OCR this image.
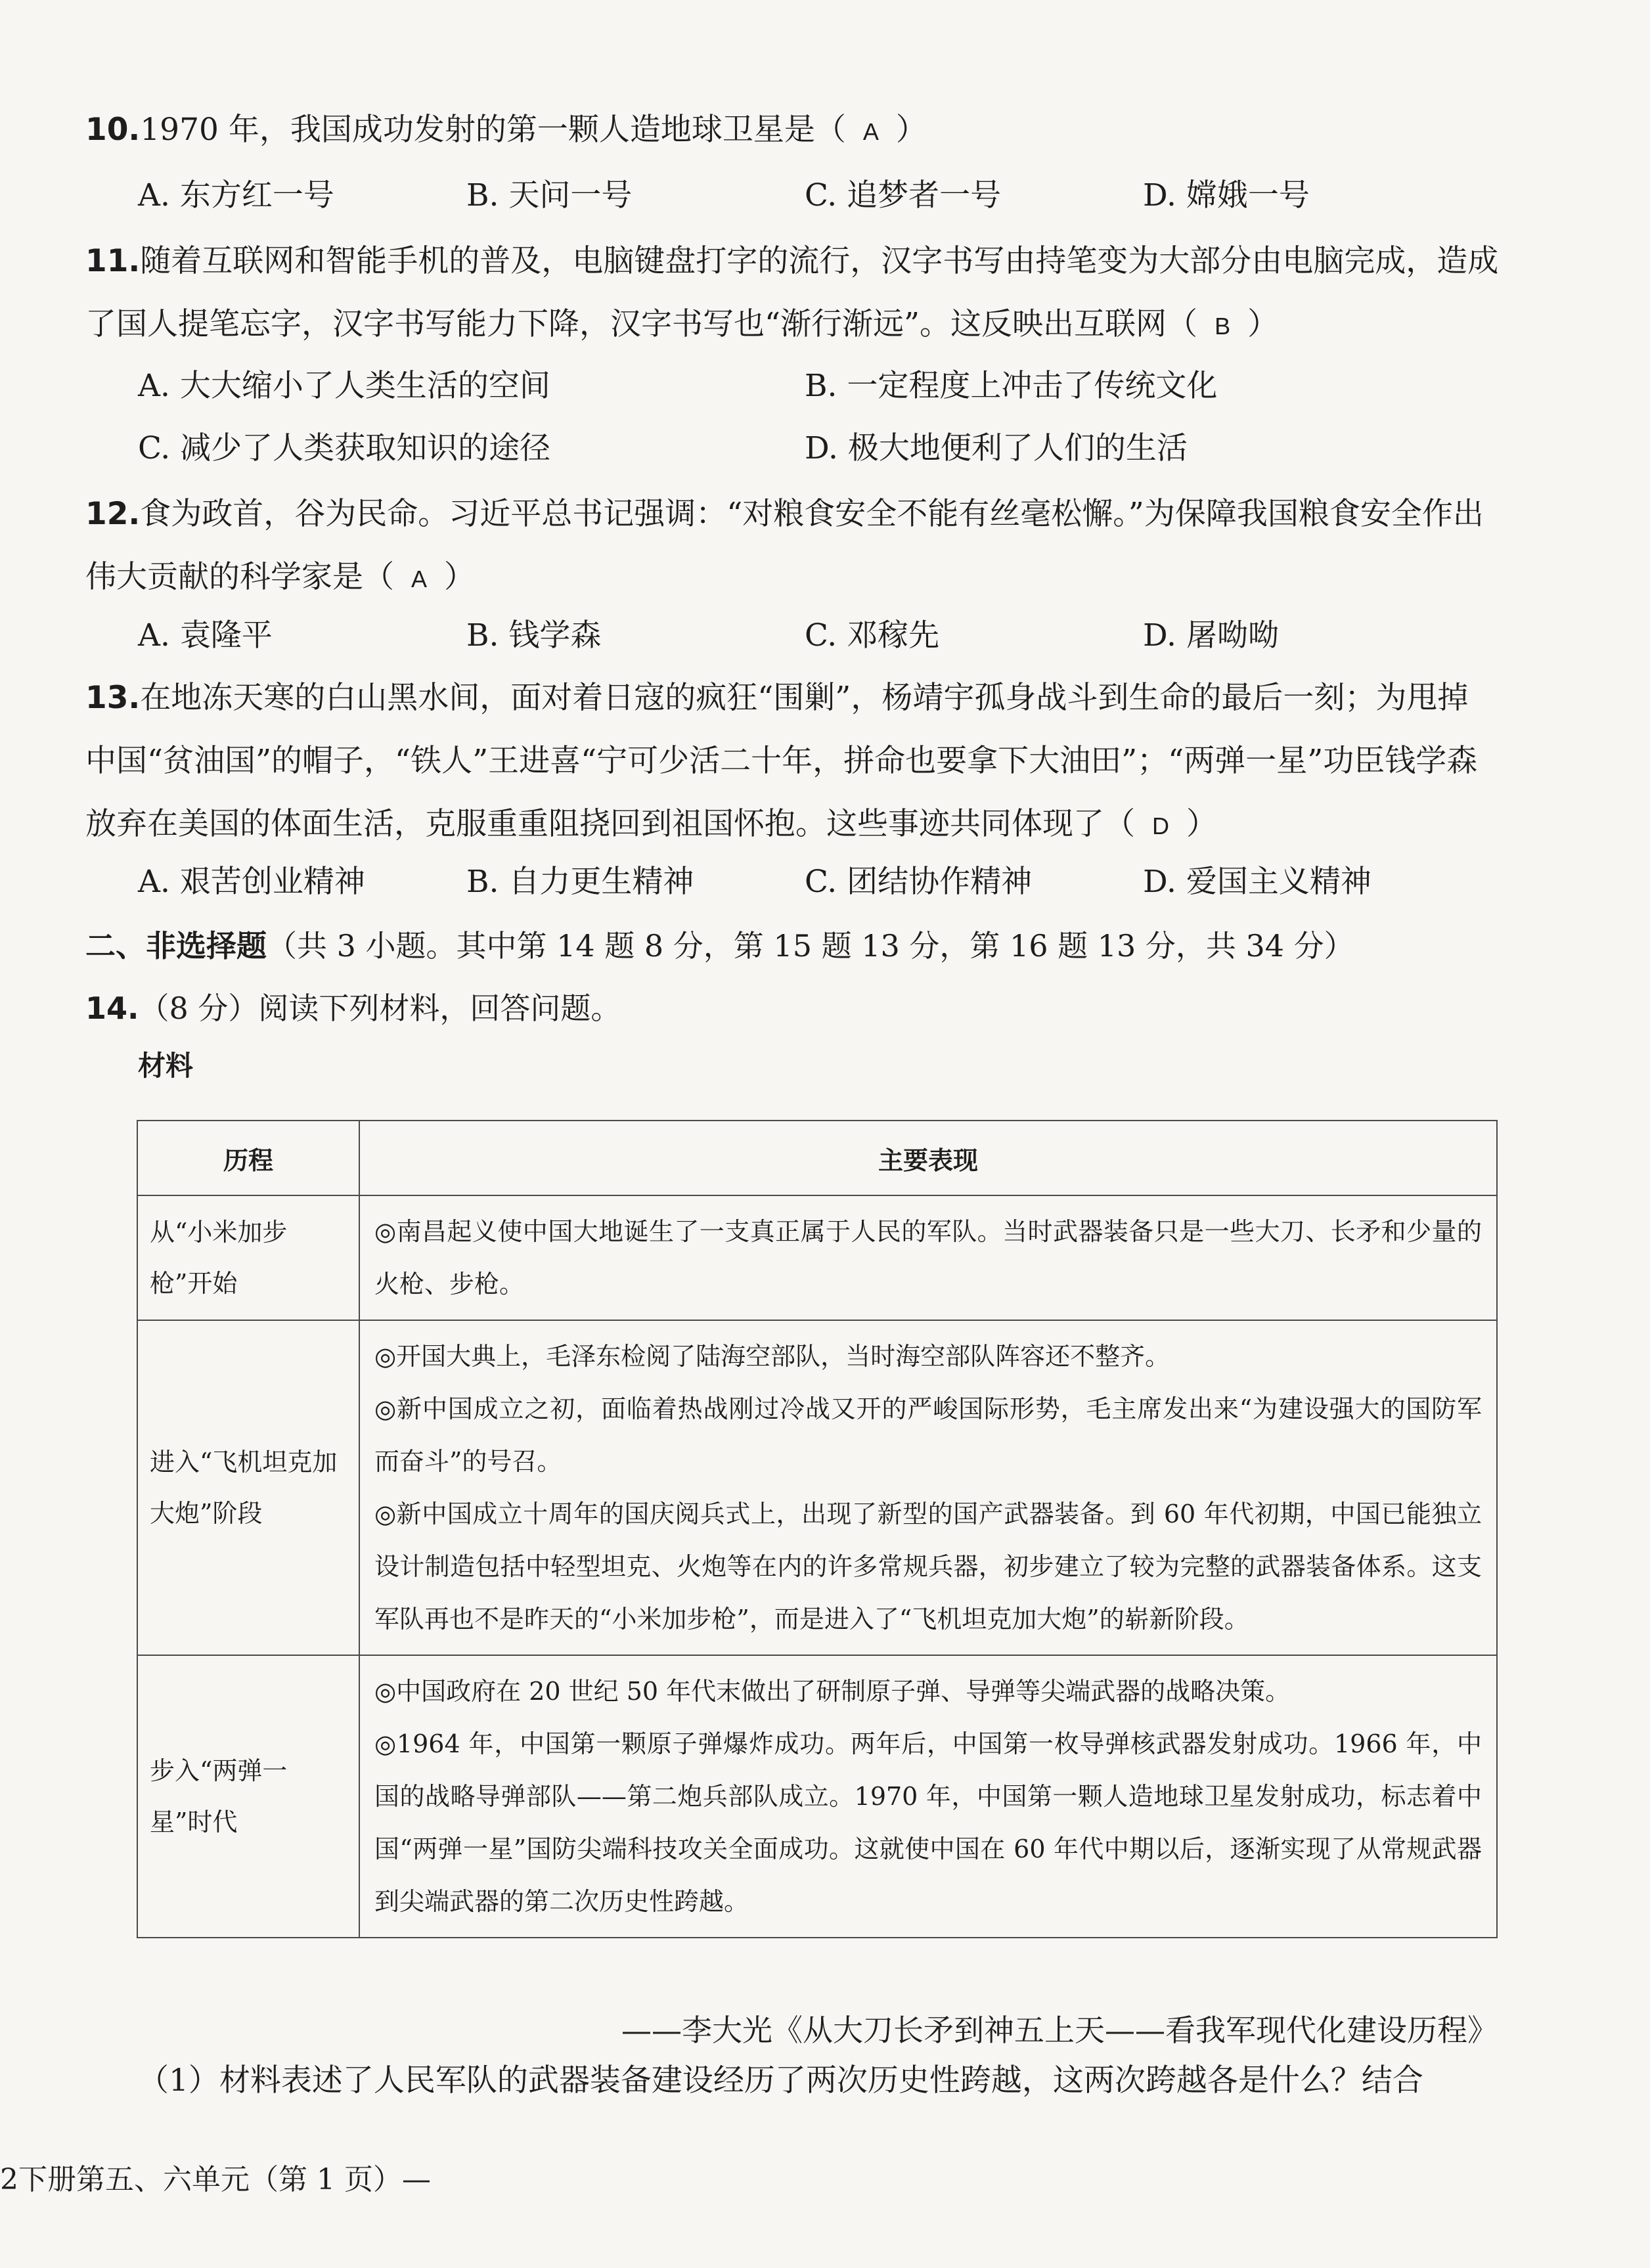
10.1970 年，我国成功发射的第一颗人造地球卫星是（ A ）
A. 东方红一号	B. 天问一号	C. 追梦者一号	D. 嫦娥一号
11.随着互联网和智能手机的普及，电脑键盘打字的流行，汉字书写由持笔变为大部分由电脑完成，造成了国人提笔忘字，汉字书写能力下降，汉字书写也“渐行渐远”。这反映出互联网（ B ）
A. 大大缩小了人类生活的空间	B. 一定程度上冲击了传统文化
C. 减少了人类获取知识的途径	D. 极大地便利了人们的生活
12.食为政首，谷为民命。习近平总书记强调：“对粮食安全不能有丝毫松懈。”为保障我国粮食安全作出伟大贡献的科学家是（ A ）
A. 袁隆平	B. 钱学森	C. 邓稼先	D. 屠呦呦
13.在地冻天寒的白山黑水间，面对着日寇的疯狂“围剿”，杨靖宇孤身战斗到生命的最后一刻；为甩掉中国“贫油国”的帽子，“铁人”王进喜“宁可少活二十年，拼命也要拿下大油田”；“两弹一星”功臣钱学森放弃在美国的体面生活，克服重重阻挠回到祖国怀抱。这些事迹共同体现了（ D ）
A. 艰苦创业精神	B. 自力更生精神	C. 团结协作精神	D. 爱国主义精神
二、非选择题（共 3 小题。其中第 14 题 8 分，第 15 题 13 分，第 16 题 13 分，共 34 分）
14.（8 分）阅读下列材料，回答问题。
材料
历程	主要表现
从“小米加步枪”开始	◎南昌起义使中国大地诞生了一支真正属于人民的军队。当时武器装备只是一些大刀、长矛和少量的火枪、步枪。

进入“飞机坦克加大炮”阶段	◎开国大典上，毛泽东检阅了陆海空部队，当时海空部队阵容还不整齐。
◎新中国成立之初，面临着热战刚过冷战又开的严峻国际形势，毛主席发出来“为建设强大的国防军而奋斗”的号召。
◎新中国成立十周年的国庆阅兵式上，出现了新型的国产武器装备。到 60 年代初期，中国已能独立设计制造包括中轻型坦克、火炮等在内的许多常规兵器，初步建立了较为完整的武器装备体系。这支军队再也不是昨天的“小米加步枪”，而是进入了“飞机坦克加大炮”的崭新阶段。

步入“两弹一星”时代	◎中国政府在 20 世纪 50 年代末做出了研制原子弹、导弹等尖端武器的战略决策。
◎1964 年，中国第一颗原子弹爆炸成功。两年后，中国第一枚导弹核武器发射成功。1966 年，中国的战略导弹部队——第二炮兵部队成立。1970 年，中国第一颗人造地球卫星发射成功，标志着中国“两弹一星”国防尖端科技攻关全面成功。这就使中国在 60 年代中期以后，逐渐实现了从常规武器到尖端武器的第二次历史性跨越。
——李大光《从大刀长矛到神五上天——看我军现代化建设历程》
（1）材料表述了人民军队的武器装备建设经历了两次历史性跨越，这两次跨越各是什么？结合
2下册第五、六单元（第 1 页）—
